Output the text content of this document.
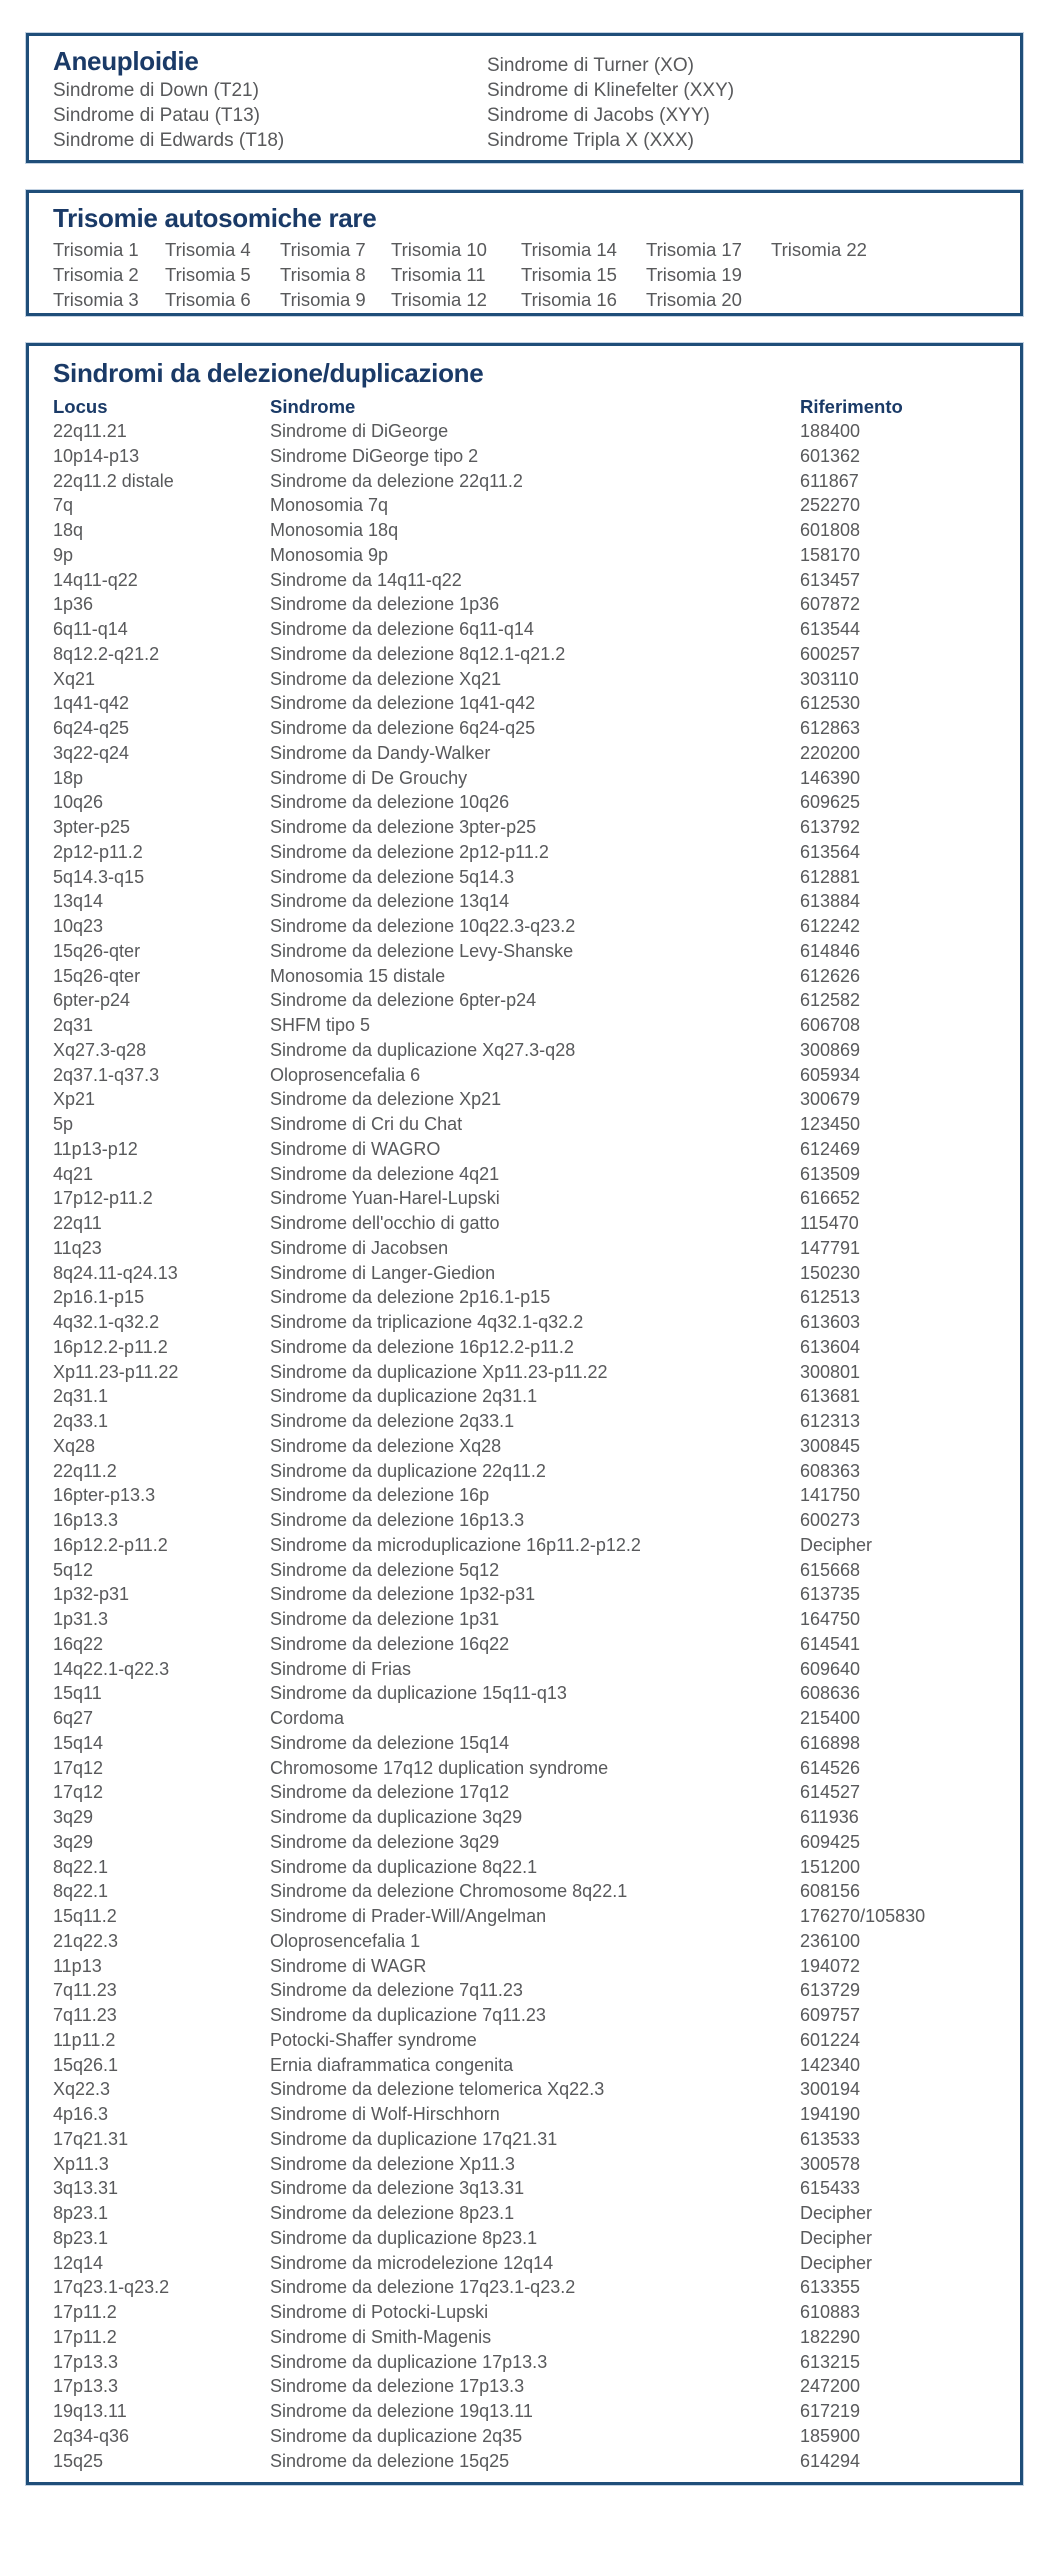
Aneuploidie
Sindrome di Down (T21)
Sindrome di Patau (T13)
Sindrome di Edwards (T18)
Sindrome di Turner (XO)
Sindrome di Klinefelter (XXY)
Sindrome di Jacobs (XYY)
Sindrome Tripla X (XXX)
Trisomie autosomiche rare
Trisomia 1	Trisomia 4	Trisomia 7	Trisomia 10	Trisomia 14	Trisomia 17	Trisomia 22
Trisomia 2	Trisomia 5	Trisomia 8	Trisomia 11	Trisomia 15	Trisomia 19
Trisomia 3	Trisomia 6	Trisomia 9	Trisomia 12	Trisomia 16	Trisomia 20
Sindromi da delezione/duplicazione
Locus	Sindrome	Riferimento
22q11.21	Sindrome di DiGeorge	188400
10p14-p13	Sindrome DiGeorge tipo 2	601362
22q11.2 distale	Sindrome da delezione 22q11.2	611867
7q	Monosomia 7q	252270
18q	Monosomia 18q	601808
9p	Monosomia 9p	158170
14q11-q22	Sindrome da 14q11-q22	613457
1p36	Sindrome da delezione 1p36	607872
6q11-q14	Sindrome da delezione 6q11-q14	613544
8q12.2-q21.2	Sindrome da delezione 8q12.1-q21.2	600257
Xq21	Sindrome da delezione Xq21	303110
1q41-q42	Sindrome da delezione 1q41-q42	612530
6q24-q25	Sindrome da delezione 6q24-q25	612863
3q22-q24	Sindrome da Dandy-Walker	220200
18p	Sindrome di De Grouchy	146390
10q26	Sindrome da delezione 10q26	609625
3pter-p25	Sindrome da delezione 3pter-p25	613792
2p12-p11.2	Sindrome da delezione 2p12-p11.2	613564
5q14.3-q15	Sindrome da delezione 5q14.3	612881
13q14	Sindrome da delezione 13q14	613884
10q23	Sindrome da delezione 10q22.3-q23.2	612242
15q26-qter	Sindrome da delezione Levy-Shanske	614846
15q26-qter	Monosomia 15 distale	612626
6pter-p24	Sindrome da delezione 6pter-p24	612582
2q31	SHFM tipo 5	606708
Xq27.3-q28	Sindrome da duplicazione Xq27.3-q28	300869
2q37.1-q37.3	Oloprosencefalia 6	605934
Xp21	Sindrome da delezione Xp21	300679
5p	Sindrome di Cri du Chat	123450
11p13-p12	Sindrome di WAGRO	612469
4q21	Sindrome da delezione 4q21	613509
17p12-p11.2	Sindrome Yuan-Harel-Lupski	616652
22q11	Sindrome dell'occhio di gatto	115470
11q23	Sindrome di Jacobsen	147791
8q24.11-q24.13	Sindrome di Langer-Giedion	150230
2p16.1-p15	Sindrome da delezione 2p16.1-p15	612513
4q32.1-q32.2	Sindrome da triplicazione 4q32.1-q32.2	613603
16p12.2-p11.2	Sindrome da delezione 16p12.2-p11.2	613604
Xp11.23-p11.22	Sindrome da duplicazione Xp11.23-p11.22	300801
2q31.1	Sindrome da duplicazione 2q31.1	613681
2q33.1	Sindrome da delezione 2q33.1	612313
Xq28	Sindrome da delezione Xq28	300845
22q11.2	Sindrome da duplicazione 22q11.2	608363
16pter-p13.3	Sindrome da delezione 16p	141750
16p13.3	Sindrome da delezione 16p13.3	600273
16p12.2-p11.2	Sindrome da microduplicazione 16p11.2-p12.2	Decipher
5q12	Sindrome da delezione 5q12	615668
1p32-p31	Sindrome da delezione 1p32-p31	613735
1p31.3	Sindrome da delezione 1p31	164750
16q22	Sindrome da delezione 16q22	614541
14q22.1-q22.3	Sindrome di Frias	609640
15q11	Sindrome da duplicazione 15q11-q13	608636
6q27	Cordoma	215400
15q14	Sindrome da delezione 15q14	616898
17q12	Chromosome 17q12 duplication syndrome	614526
17q12	Sindrome da delezione 17q12	614527
3q29	Sindrome da duplicazione 3q29	611936
3q29	Sindrome da delezione 3q29	609425
8q22.1	Sindrome da duplicazione 8q22.1	151200
8q22.1	Sindrome da delezione Chromosome 8q22.1	608156
15q11.2	Sindrome di Prader-Will/Angelman	176270/105830
21q22.3	Oloprosencefalia 1	236100
11p13	Sindrome di WAGR	194072
7q11.23	Sindrome da delezione 7q11.23	613729
7q11.23	Sindrome da duplicazione 7q11.23	609757
11p11.2	Potocki-Shaffer syndrome	601224
15q26.1	Ernia diaframmatica congenita	142340
Xq22.3	Sindrome da delezione telomerica Xq22.3	300194
4p16.3	Sindrome di Wolf-Hirschhorn	194190
17q21.31	Sindrome da duplicazione 17q21.31	613533
Xp11.3	Sindrome da delezione Xp11.3	300578
3q13.31	Sindrome da delezione 3q13.31	615433
8p23.1	Sindrome da delezione 8p23.1	Decipher
8p23.1	Sindrome da duplicazione 8p23.1	Decipher
12q14	Sindrome da microdelezione 12q14	Decipher
17q23.1-q23.2	Sindrome da delezione 17q23.1-q23.2	613355
17p11.2	Sindrome di Potocki-Lupski	610883
17p11.2	Sindrome di Smith-Magenis	182290
17p13.3	Sindrome da duplicazione 17p13.3	613215
17p13.3	Sindrome da delezione 17p13.3	247200
19q13.11	Sindrome da delezione 19q13.11	617219
2q34-q36	Sindrome da duplicazione 2q35	185900
15q25	Sindrome da delezione 15q25	614294
